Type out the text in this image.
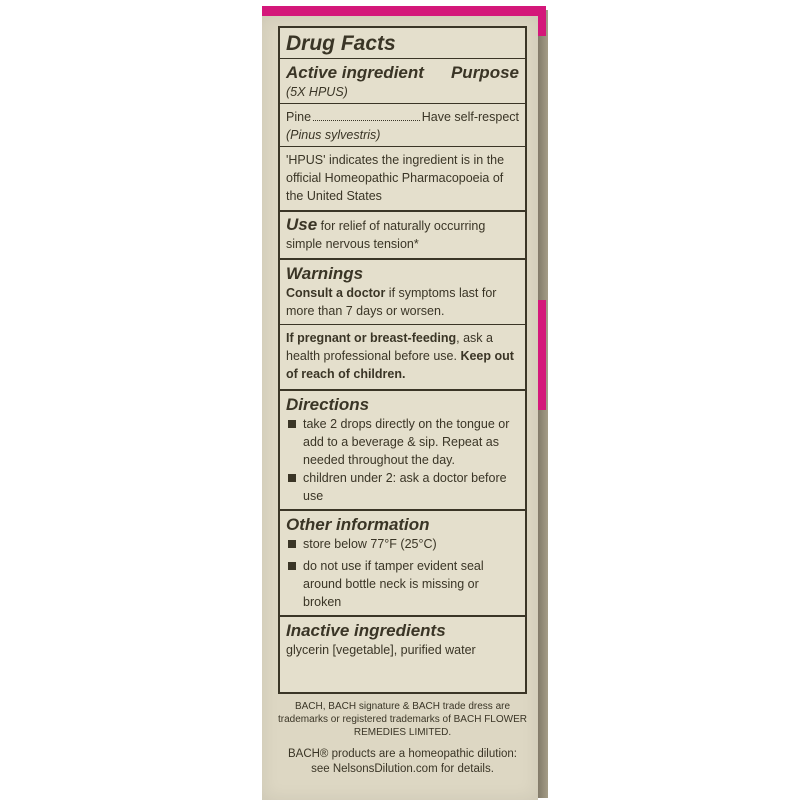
Drug Facts
Active ingredient Purpose
(5X HPUS)
Pine	Have self-respect
(Pinus sylvestris)
'HPUS' indicates the ingredient is in the official Homeopathic Pharmacopoeia of the United States
Use for relief of naturally occurring simple nervous tension*
Warnings
Consult a doctor if symptoms last for more than 7 days or worsen.
If pregnant or breast-feeding, ask a health professional before use. Keep out of reach of children.
Directions
take 2 drops directly on the tongue or add to a beverage & sip. Repeat as needed throughout the day.
children under 2: ask a doctor before use
Other information
store below 77°F (25°C)
do not use if tamper evident seal around bottle neck is missing or broken
Inactive ingredients
glycerin [vegetable], purified water
BACH, BACH signature & BACH trade dress are trademarks or registered trademarks of BACH FLOWER REMEDIES LIMITED.
BACH® products are a homeopathic dilution:
see NelsonsDilution.com for details.
